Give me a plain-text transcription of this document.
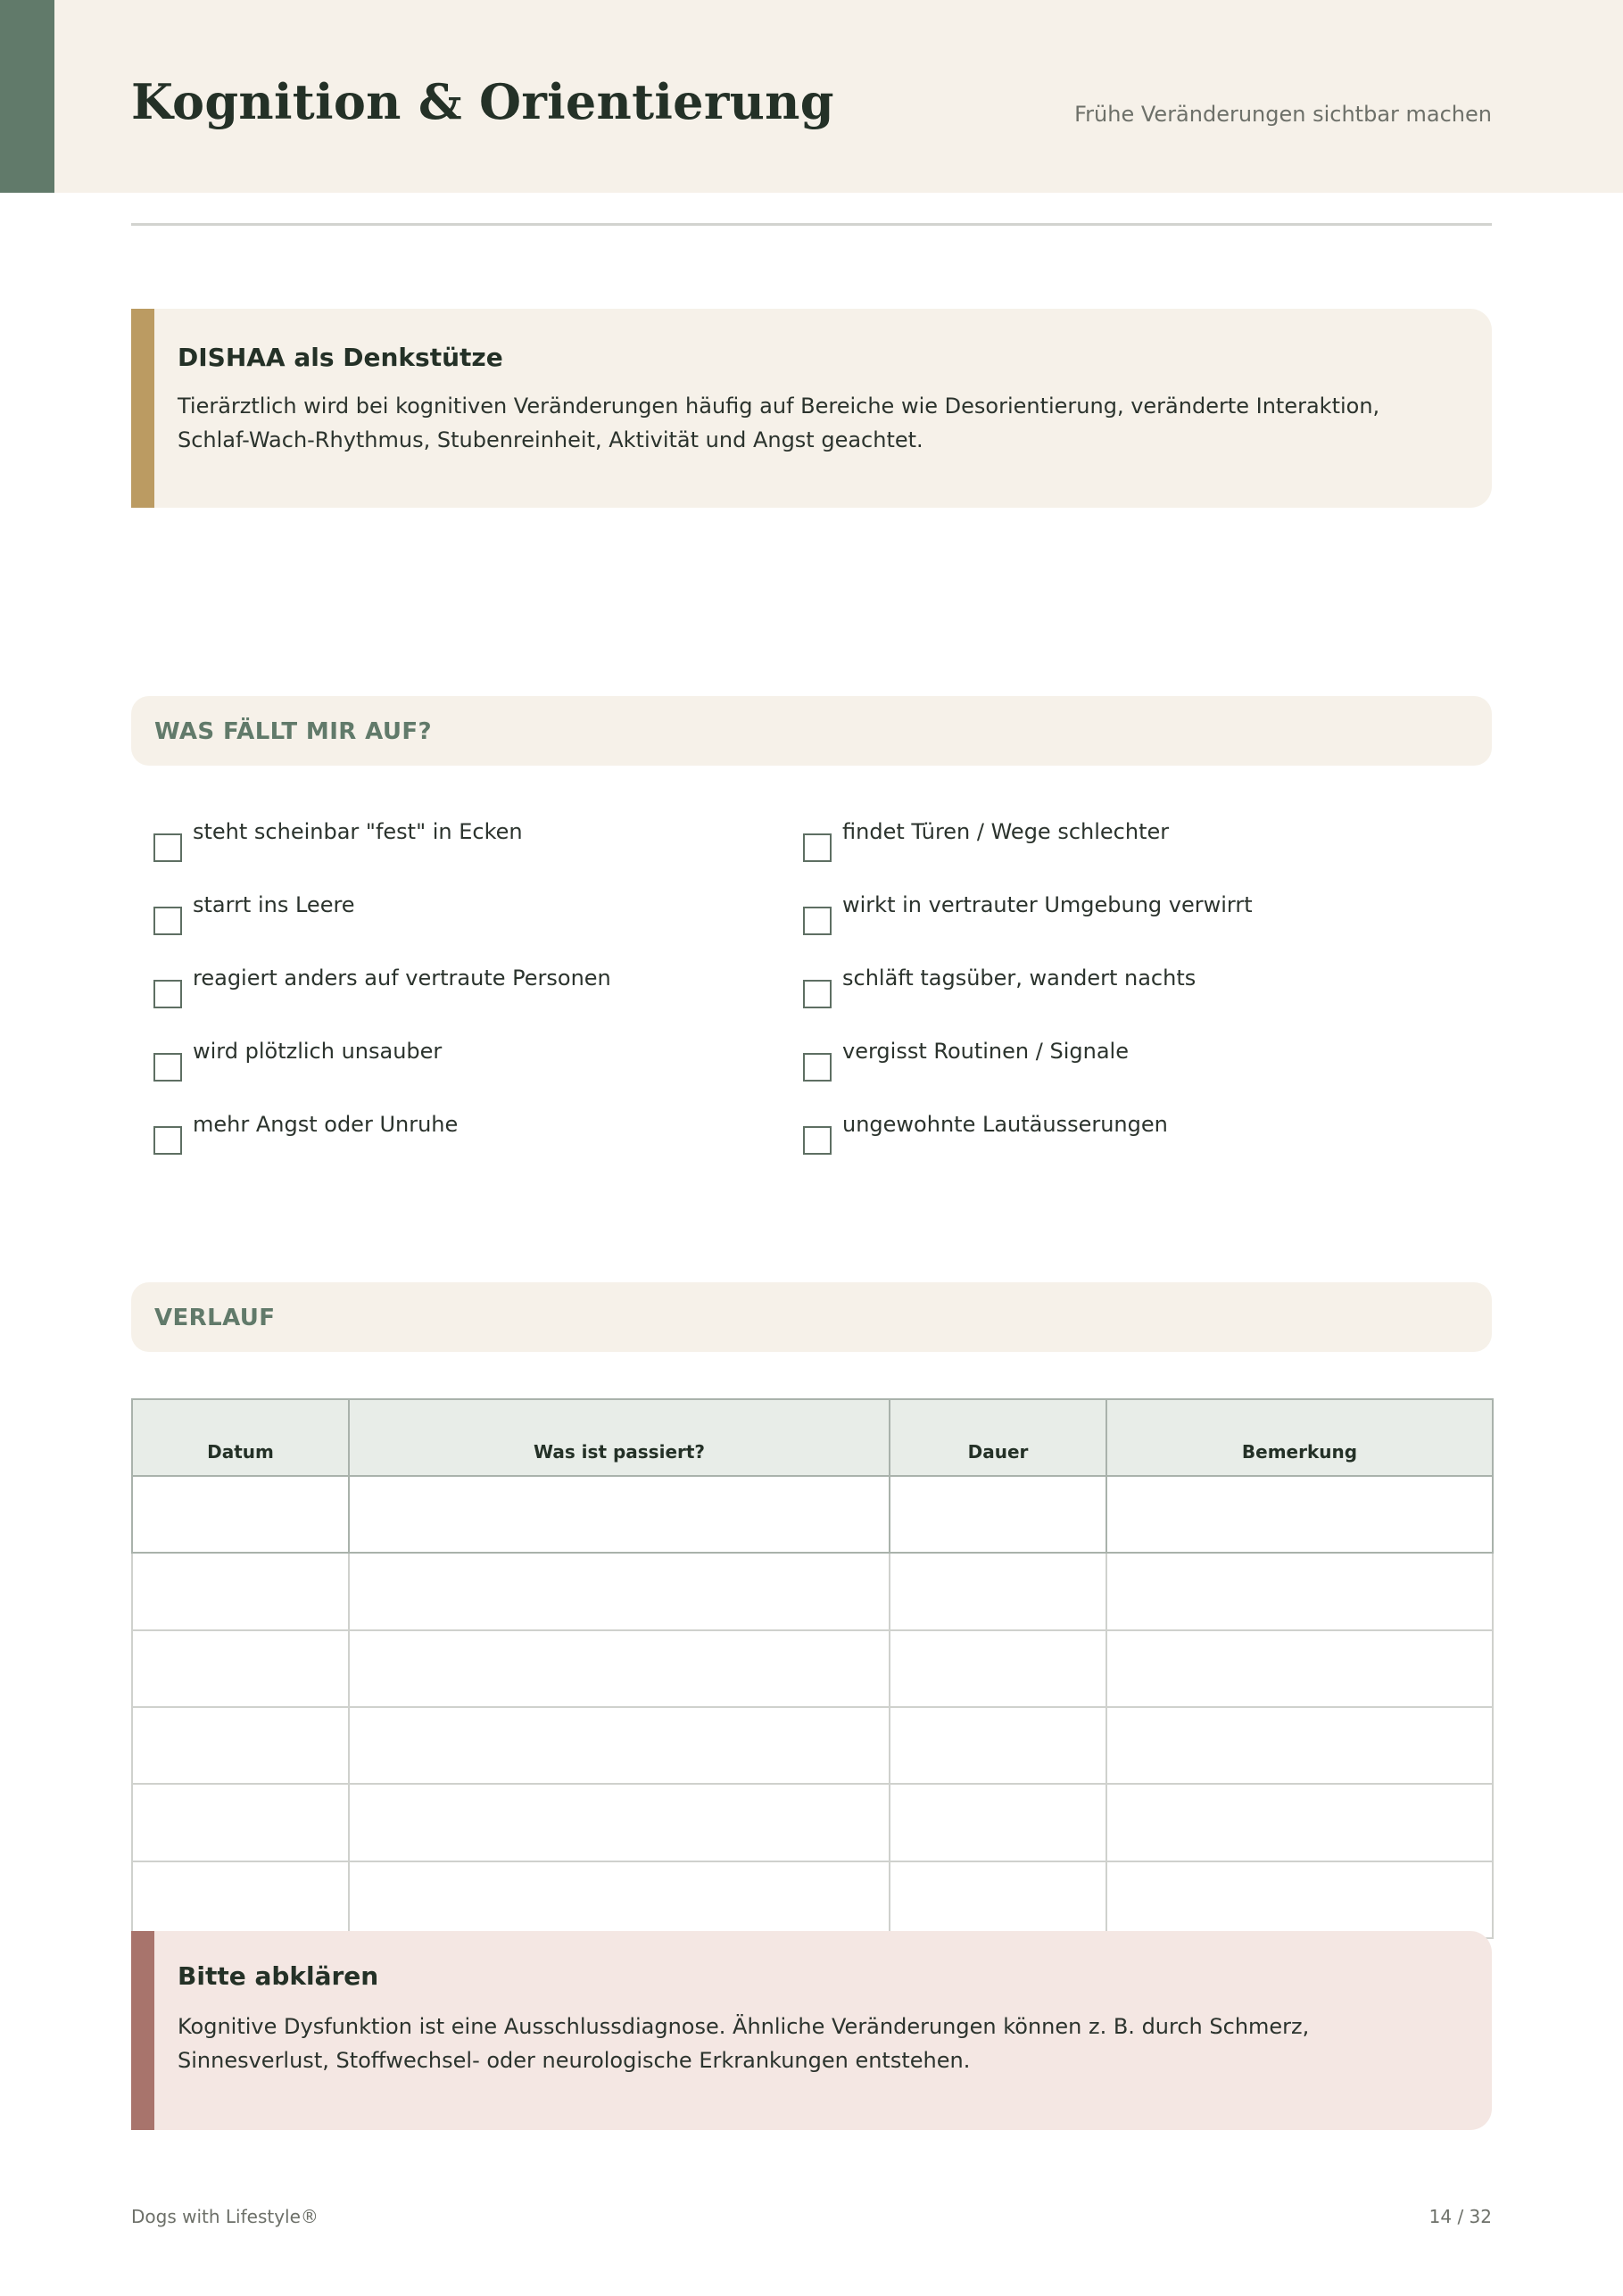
Kognition & Orientierung	Frühe Veränderungen sichtbar machen
DISHAA als Denkstütze
Tierärztlich wird bei kognitiven Veränderungen häufig auf Bereiche wie Desorientierung, veränderte Interaktion, Schlaf-Wach-Rhythmus, Stubenreinheit, Aktivität und Angst geachtet.
WAS FÄLLT MIR AUF?
steht scheinbar "fest" in Ecken
starrt ins Leere
reagiert anders auf vertraute Personen
wird plötzlich unsauber
mehr Angst oder Unruhe
findet Türen / Wege schlechter
wirkt in vertrauter Umgebung verwirrt
schläft tagsüber, wandert nachts
vergisst Routinen / Signale
ungewohnte Lautäusserungen
VERLAUF
Datum	Was ist passiert?	Dauer	Bemerkung

Bitte abklären
Kognitive Dysfunktion ist eine Ausschlussdiagnose. Ähnliche Veränderungen können z. B. durch Schmerz, Sinnesverlust, Stoffwechsel- oder neurologische Erkrankungen entstehen.
Dogs with Lifestyle®	14 / 32
